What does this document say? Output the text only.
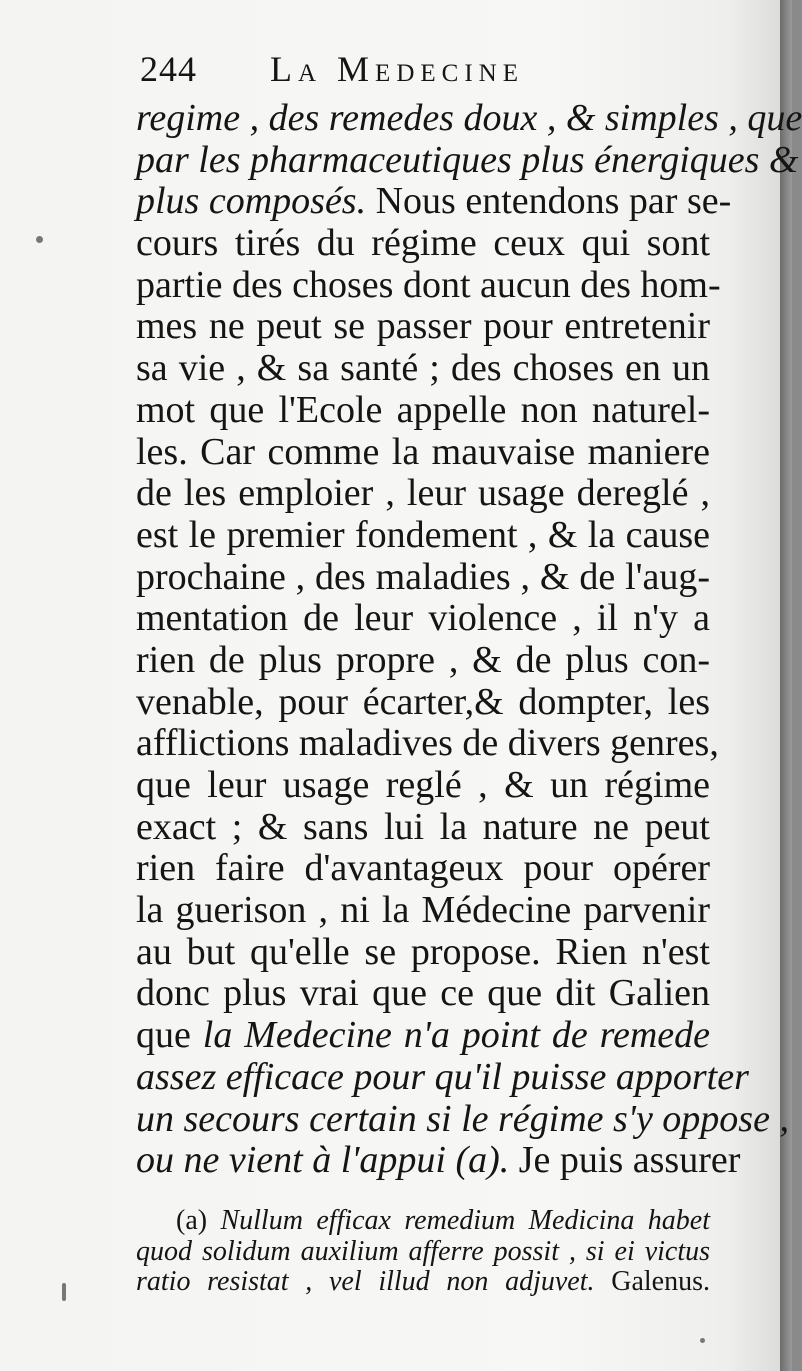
244 La Medecine
regime , des remedes doux , & simples , que
par les pharmaceutiques plus énergiques &
plus composés. Nous entendons par se-
cours tirés du régime ceux qui sont
partie des choses dont aucun des hom-
mes ne peut se passer pour entretenir
sa vie , & sa santé ; des choses en un
mot que l'Ecole appelle non naturel-
les. Car comme la mauvaise maniere
de les emploier , leur usage dereglé ,
est le premier fondement , & la cause
prochaine , des maladies , & de l'aug-
mentation de leur violence , il n'y a
rien de plus propre , & de plus con-
venable, pour écarter,& dompter, les
afflictions maladives de divers genres,
que leur usage reglé , & un régime
exact ; & sans lui la nature ne peut
rien faire d'avantageux pour opérer
la guerison , ni la Médecine parvenir
au but qu'elle se propose. Rien n'est
donc plus vrai que ce que dit Galien
que la Medecine n'a point de remede
assez efficace pour qu'il puisse apporter
un secours certain si le régime s'y oppose ,
ou ne vient à l'appui (a). Je puis assurer
(a) Nullum efficax remedium Medicina habet
quod solidum auxilium afferre possit , si ei victus
ratio resistat , vel illud non adjuvet. Galenus.
